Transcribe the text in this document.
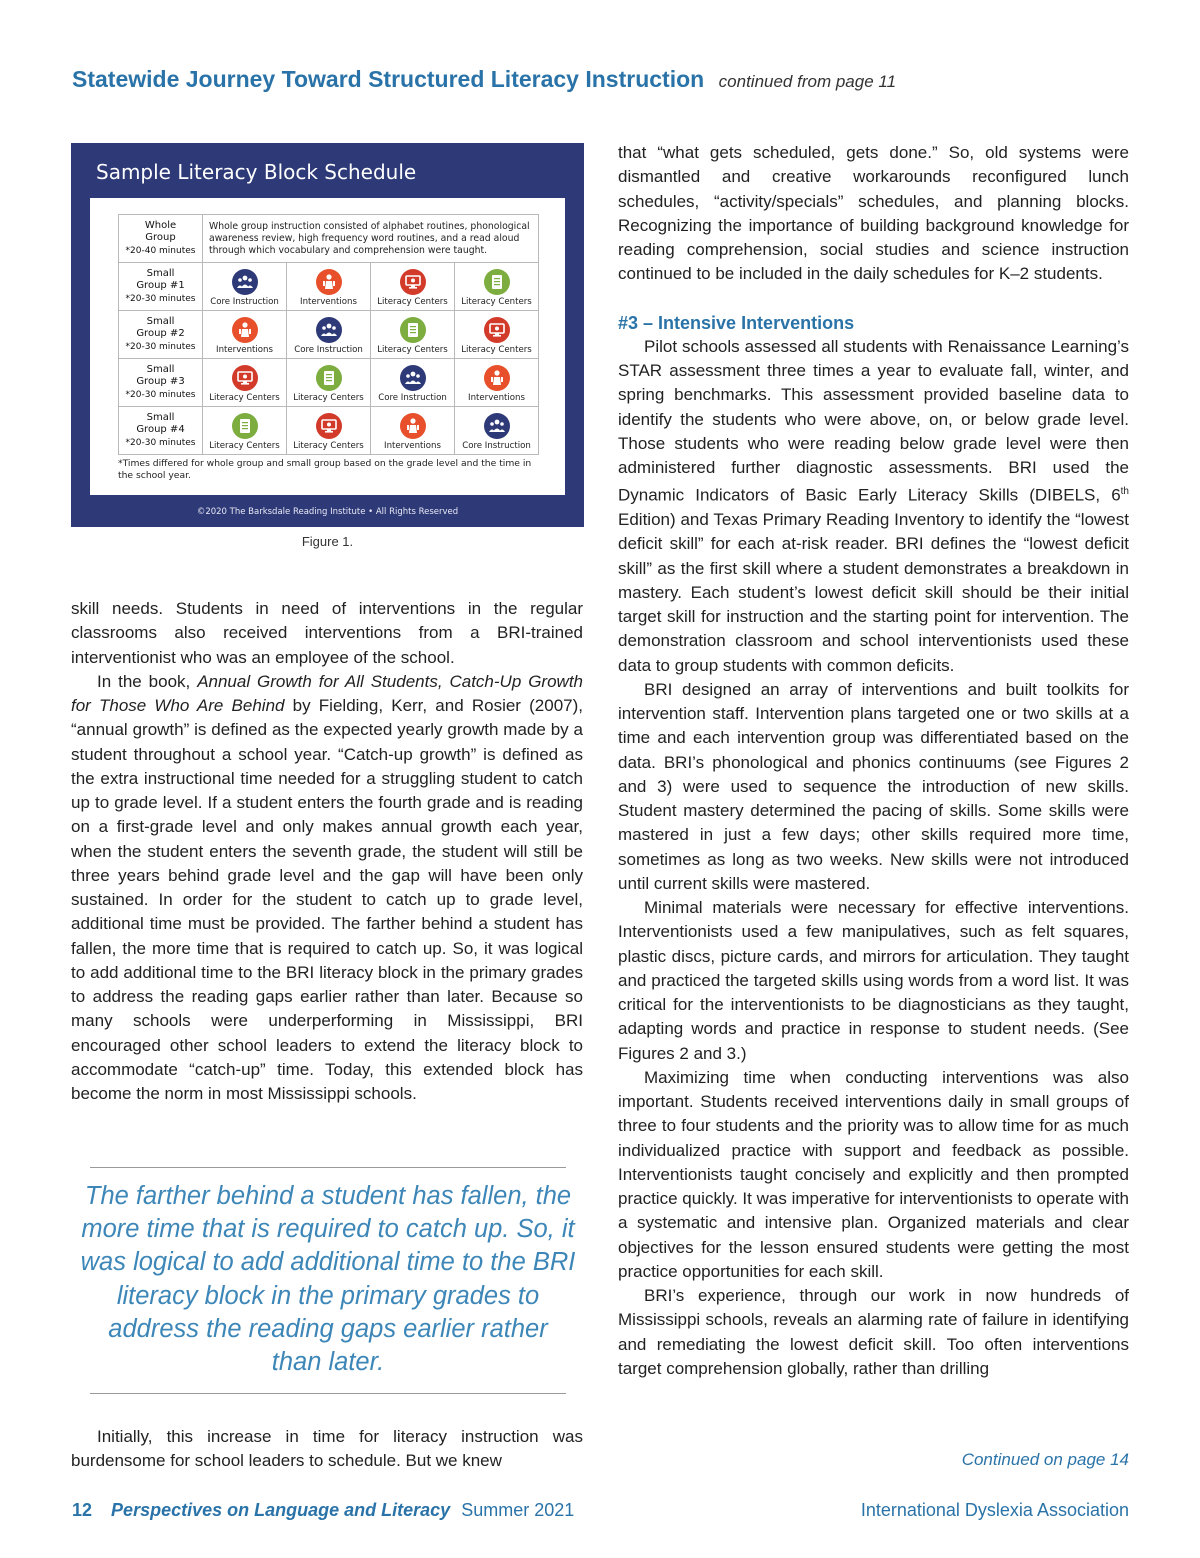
Statewide Journey Toward Structured Literacy Instruction continued from page 11
Sample Literacy Block Schedule
Whole
Group
*20-40 minutes	Whole group instruction consisted of alphabet routines, phonological awareness review, high frequency word routines, and a read aloud through which vocabulary and comprehension were taught.			

Small
Group #1
*20-30 minutes	Core Instruction	Interventions	Literacy Centers	Literacy Centers

Small
Group #2
*20-30 minutes	Interventions	Core Instruction	Literacy Centers	Literacy Centers

Small
Group #3
*20-30 minutes	Literacy Centers	Literacy Centers	Core Instruction	Interventions

Small
Group #4
*20-30 minutes	Literacy Centers	Literacy Centers	Interventions	Core Instruction
*Times differed for whole group and small group based on the grade level and the time in the school year.
©2020 The Barksdale Reading Institute • All Rights Reserved
Figure 1.

skill needs. Students in need of interventions in the regular classrooms also received interventions from a BRI-trained interventionist who was an employee of the school.

In the book, Annual Growth for All Students, Catch-Up Growth for Those Who Are Behind by Fielding, Kerr, and Rosier (2007), “annual growth” is defined as the expected yearly growth made by a student throughout a school year. “Catch-up growth” is defined as the extra instructional time needed for a struggling student to catch up to grade level. If a student enters the fourth grade and is reading on a first-grade level and only makes annual growth each year, when the student enters the seventh grade, the student will still be three years behind grade level and the gap will have been only sustained. In order for the student to catch up to grade level, additional time must be provided. The farther behind a student has fallen, the more time that is required to catch up. So, it was logical to add additional time to the BRI literacy block in the primary grades to address the reading gaps earlier rather than later. Because so many schools were underperforming in Mississippi, BRI encouraged other school leaders to extend the literacy block to accommodate “catch-up” time. Today, this extended block has become the norm in most Mississippi schools.

The farther behind a student has fallen, the more time that is required to catch up. So, it was logical to add additional time to the BRI literacy block in the primary grades to address the reading gaps earlier rather than later.

Initially, this increase in time for literacy instruction was burdensome for school leaders to schedule. But we knew

that “what gets scheduled, gets done.” So, old systems were dismantled and creative workarounds reconfigured lunch schedules, “activity/specials” schedules, and planning blocks. Recognizing the importance of building background knowledge for reading comprehension, social studies and science instruction continued to be included in the daily schedules for K–2 students.

#3 – Intensive Interventions

Pilot schools assessed all students with Renaissance Learning’s STAR assessment three times a year to evaluate fall, winter, and spring benchmarks. This assessment provided baseline data to identify the students who were above, on, or below grade level. Those students who were reading below grade level were then administered further diagnostic assessments. BRI used the Dynamic Indicators of Basic Early Literacy Skills (DIBELS, 6th Edition) and Texas Primary Reading Inventory to identify the “lowest deficit skill” for each at-risk reader. BRI defines the “lowest deficit skill” as the first skill where a student demonstrates a breakdown in mastery. Each student’s lowest deficit skill should be their initial target skill for instruction and the starting point for intervention. The demonstration classroom and school interventionists used these data to group students with common deficits.

BRI designed an array of interventions and built toolkits for intervention staff. Intervention plans targeted one or two skills at a time and each intervention group was differentiated based on the data. BRI’s phonological and phonics continuums (see Figures 2 and 3) were used to sequence the introduction of new skills. Student mastery determined the pacing of skills. Some skills were mastered in just a few days; other skills required more time, sometimes as long as two weeks. New skills were not introduced until current skills were mastered.

Minimal materials were necessary for effective interventions. Interventionists used a few manipulatives, such as felt squares, plastic discs, picture cards, and mirrors for articulation. They taught and practiced the targeted skills using words from a word list. It was critical for the interventionists to be diagnosticians as they taught, adapting words and practice in response to student needs. (See Figures 2 and 3.)

Maximizing time when conducting interventions was also important. Students received interventions daily in small groups of three to four students and the priority was to allow time for as much individualized practice with support and feedback as possible. Interventionists taught concisely and explicitly and then prompted practice quickly. It was imperative for interventionists to operate with a systematic and intensive plan. Organized materials and clear objectives for the lesson ensured students were getting the most practice opportunities for each skill.

BRI’s experience, through our work in now hundreds of Mississippi schools, reveals an alarming rate of failure in identifying and remediating the lowest deficit skill. Too often interventions target comprehension globally, rather than drilling

Continued on page 14
12 Perspectives on Language and Literacy Summer 2021	International Dyslexia Association
